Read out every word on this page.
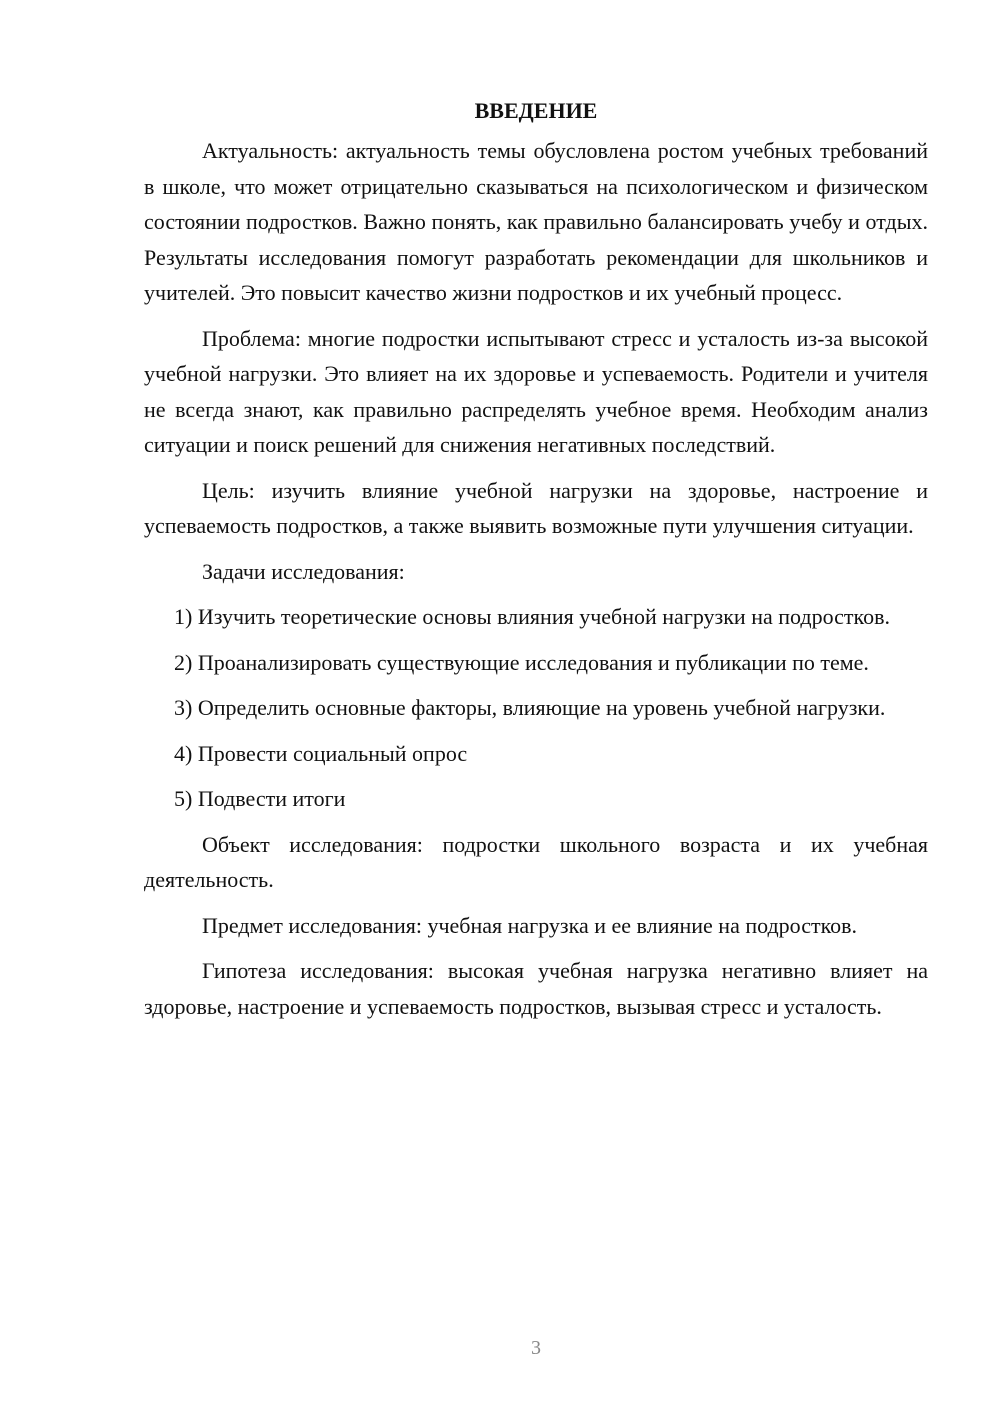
ВВЕДЕНИЕ

Актуальность: актуальность темы обусловлена ростом учебных требований в школе, что может отрицательно сказываться на психологическом и физическом состоянии подростков. Важно понять, как правильно балансировать учебу и отдых. Результаты исследования помогут разработать рекомендации для школьников и учителей. Это повысит качество жизни подростков и их учебный процесс.

Проблема: многие подростки испытывают стресс и усталость из-за высокой учебной нагрузки. Это влияет на их здоровье и успеваемость. Родители и учителя не всегда знают, как правильно распределять учебное время. Необходим анализ ситуации и поиск решений для снижения негативных последствий.

Цель: изучить влияние учебной нагрузки на здоровье, настроение и успеваемость подростков, а также выявить возможные пути улучшения ситуации.

Задачи исследования:

1) Изучить теоретические основы влияния учебной нагрузки на подростков.

2) Проанализировать существующие исследования и публикации по теме.

3) Определить основные факторы, влияющие на уровень учебной нагрузки.

4) Провести социальный опрос

5) Подвести итоги

Объект исследования: подростки школьного возраста и их учебная деятельность.

Предмет исследования: учебная нагрузка и ее влияние на подростков.

Гипотеза исследования: высокая учебная нагрузка негативно влияет на здоровье, настроение и успеваемость подростков, вызывая стресс и усталость.

3
